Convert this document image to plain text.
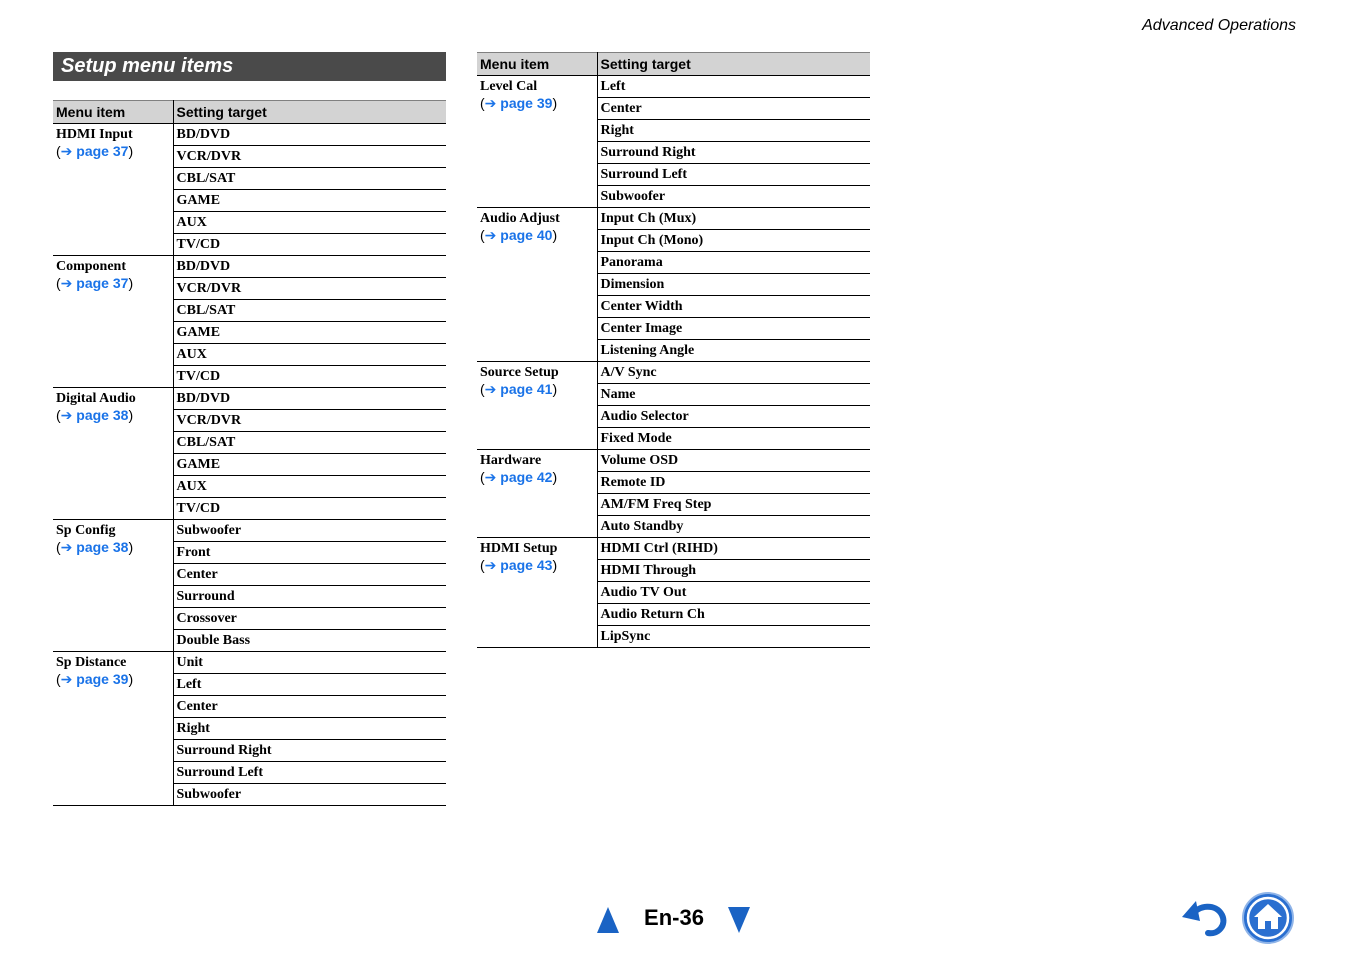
Advanced Operations
Setup menu items
Menu item	Setting target

HDMI Input
(➔ page 37)	BD/DVD
	VCR/DVR
	CBL/SAT
	GAME
	AUX
	TV/CD

Component
(➔ page 37)	BD/DVD
	VCR/DVR
	CBL/SAT
	GAME
	AUX
	TV/CD

Digital Audio
(➔ page 38)	BD/DVD
	VCR/DVR
	CBL/SAT
	GAME
	AUX
	TV/CD

Sp Config
(➔ page 38)	Subwoofer
	Front
	Center
	Surround
	Crossover
	Double Bass

Sp Distance
(➔ page 39)	Unit
	Left
	Center
	Right
	Surround Right
	Surround Left
	Subwoofer
Menu item	Setting target

Level Cal
(➔ page 39)	Left
	Center
	Right
	Surround Right
	Surround Left
	Subwoofer

Audio Adjust
(➔ page 40)	Input Ch (Mux)
	Input Ch (Mono)
	Panorama
	Dimension
	Center Width
	Center Image
	Listening Angle

Source Setup
(➔ page 41)	A/V Sync
	Name
	Audio Selector
	Fixed Mode

Hardware
(➔ page 42)	Volume OSD
	Remote ID
	AM/FM Freq Step
	Auto Standby

HDMI Setup
(➔ page 43)	HDMI Ctrl (RIHD)
	HDMI Through
	Audio TV Out
	Audio Return Ch
	LipSync
En-36
